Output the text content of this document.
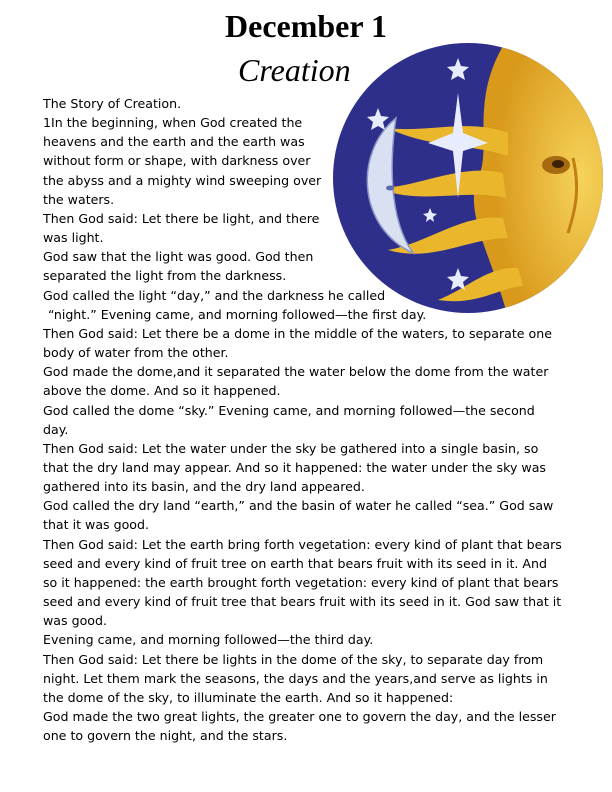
December 1
Creation
The Story of Creation.
1In the beginning, when God created the
heavens and the earth and the earth was
without form or shape, with darkness over
the abyss and a mighty wind sweeping over
the waters.
Then God said: Let there be light, and there
was light.
God saw that the light was good. God then
separated the light from the darkness.
God called the light “day,” and the darkness he called
“night.” Evening came, and morning followed—the first day.
Then God said: Let there be a dome in the middle of the waters, to separate one
body of water from the other.
God made the dome,and it separated the water below the dome from the water
above the dome. And so it happened.
God called the dome “sky.” Evening came, and morning followed—the second
day.
Then God said: Let the water under the sky be gathered into a single basin, so
that the dry land may appear. And so it happened: the water under the sky was
gathered into its basin, and the dry land appeared.
God called the dry land “earth,” and the basin of water he called “sea.” God saw
that it was good.
Then God said: Let the earth bring forth vegetation: every kind of plant that bears
seed and every kind of fruit tree on earth that bears fruit with its seed in it. And
so it happened: the earth brought forth vegetation: every kind of plant that bears
seed and every kind of fruit tree that bears fruit with its seed in it. God saw that it
was good.
Evening came, and morning followed—the third day.
Then God said: Let there be lights in the dome of the sky, to separate day from
night. Let them mark the seasons, the days and the years,and serve as lights in
the dome of the sky, to illuminate the earth. And so it happened:
God made the two great lights, the greater one to govern the day, and the lesser
one to govern the night, and the stars.
